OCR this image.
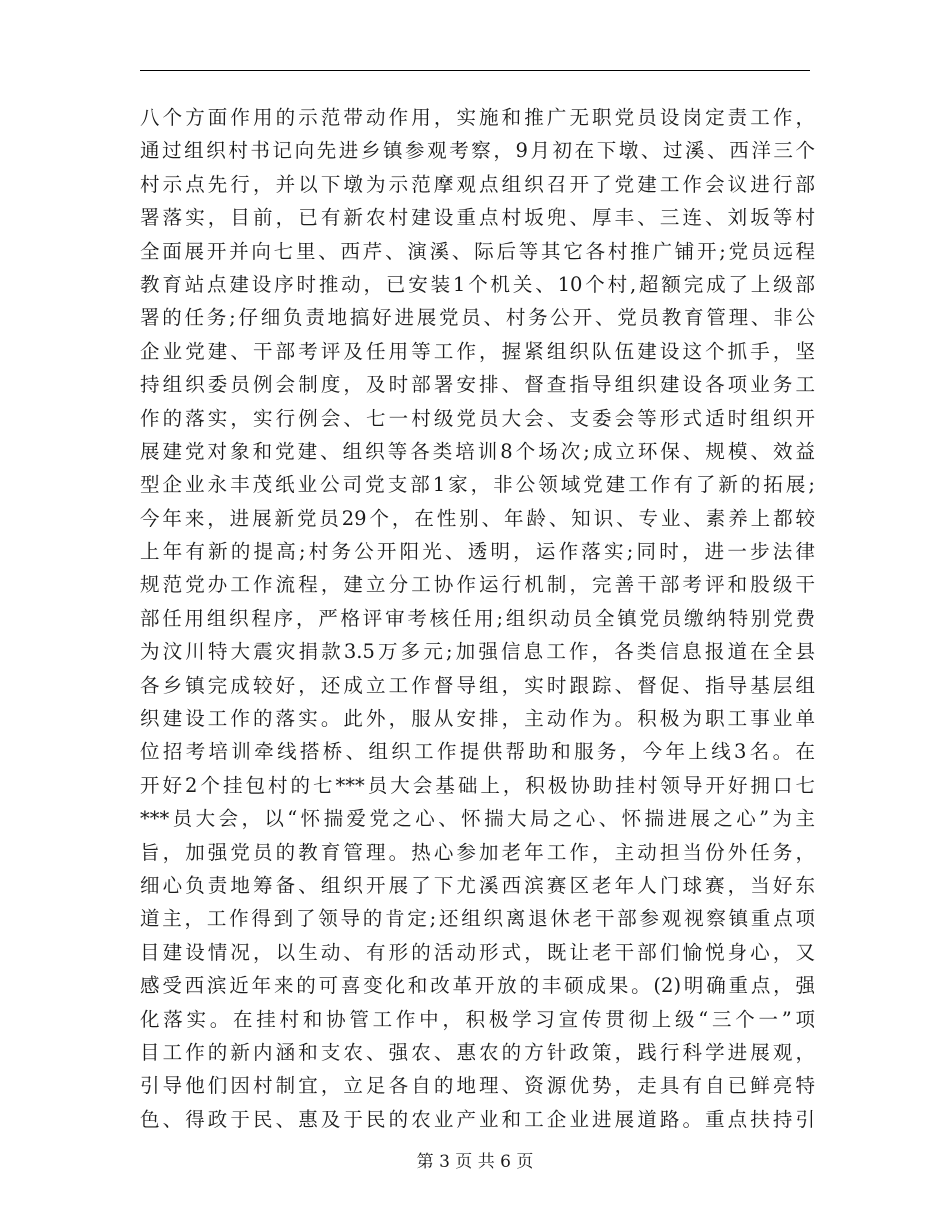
八个方面作用的示范带动作用，实施和推广无职党员设岗定责工作，
通过组织村书记向先进乡镇参观考察，9月初在下墩、过溪、西洋三个
村示点先行，并以下墩为示范摩观点组织召开了党建工作会议进行部
署落实，目前，已有新农村建设重点村坂兜、厚丰、三连、刘坂等村
全面展开并向七里、西芹、演溪、际后等其它各村推广铺开;党员远程
教育站点建设序时推动，已安装1个机关、10个村,超额完成了上级部
署的任务;仔细负责地搞好进展党员、村务公开、党员教育管理、非公
企业党建、干部考评及任用等工作，握紧组织队伍建设这个抓手，坚
持组织委员例会制度，及时部署安排、督查指导组织建设各项业务工
作的落实，实行例会、七一村级党员大会、支委会等形式适时组织开
展建党对象和党建、组织等各类培训8个场次;成立环保、规模、效益
型企业永丰茂纸业公司党支部1家，非公领域党建工作有了新的拓展;
今年来，进展新党员29个，在性别、年龄、知识、专业、素养上都较
上年有新的提高;村务公开阳光、透明，运作落实;同时，进一步法律
规范党办工作流程，建立分工协作运行机制，完善干部考评和股级干
部任用组织程序，严格评审考核任用;组织动员全镇党员缴纳特别党费
为汶川特大震灾捐款3.5万多元;加强信息工作，各类信息报道在全县
各乡镇完成较好，还成立工作督导组，实时跟踪、督促、指导基层组
织建设工作的落实。此外，服从安排，主动作为。积极为职工事业单
位招考培训牵线搭桥、组织工作提供帮助和服务，今年上线3名。在
开好2个挂包村的七***员大会基础上，积极协助挂村领导开好拥口七
***员大会，以“怀揣爱党之心、怀揣大局之心、怀揣进展之心”为主
旨，加强党员的教育管理。热心参加老年工作，主动担当份外任务，
细心负责地筹备、组织开展了下尤溪西滨赛区老年人门球赛，当好东
道主，工作得到了领导的肯定;还组织离退休老干部参观视察镇重点项
目建设情况，以生动、有形的活动形式，既让老干部们愉悦身心，又
感受西滨近年来的可喜变化和改革开放的丰硕成果。(2)明确重点，强
化落实。在挂村和协管工作中，积极学习宣传贯彻上级“三个一”项
目工作的新内涵和支农、强农、惠农的方针政策，践行科学进展观，
引导他们因村制宜，立足各自的地理、资源优势，走具有自已鲜亮特
色、得政于民、惠及于民的农业产业和工企业进展道路。重点扶持引
第 3 页 共 6 页
